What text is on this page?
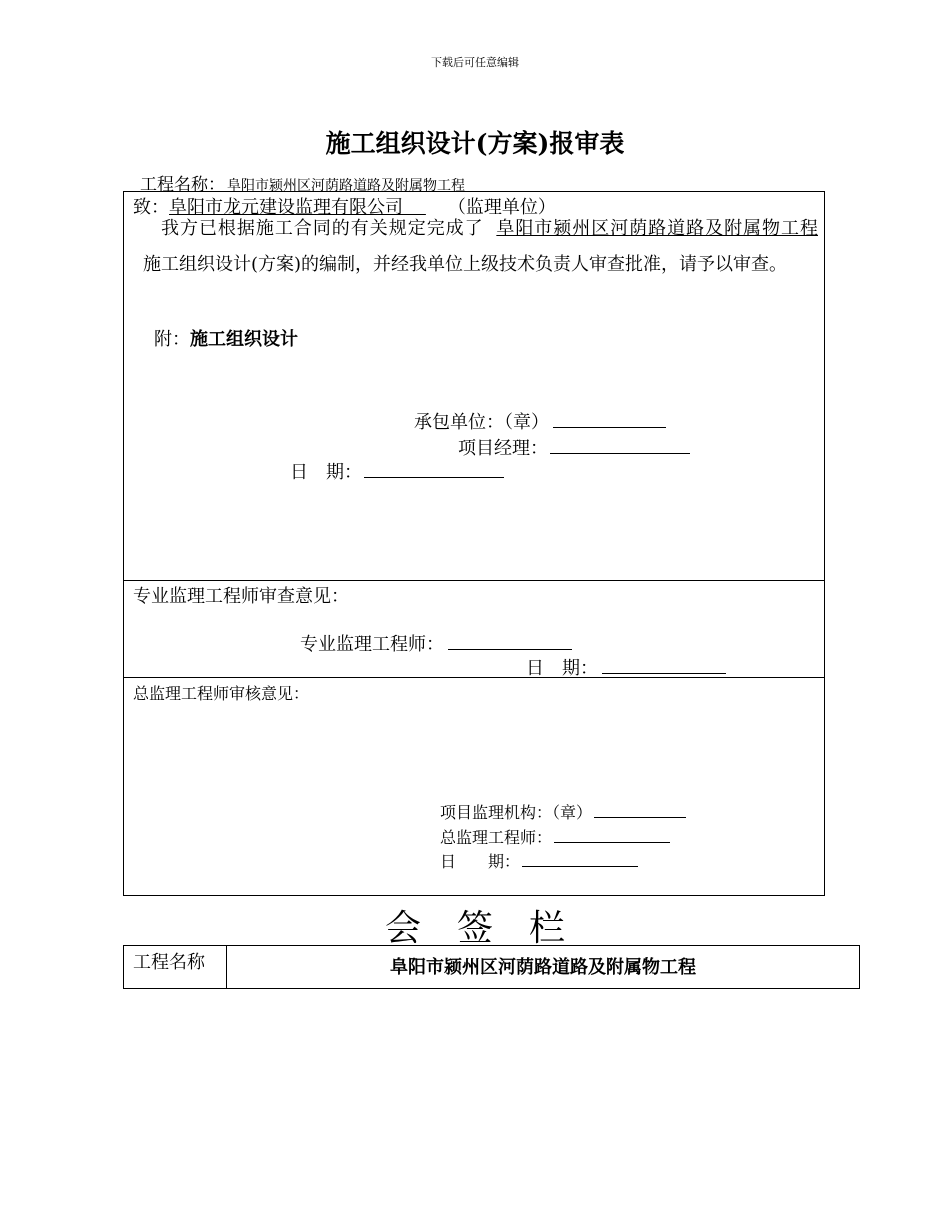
下载后可任意编辑
施工组织设计(方案)报审表
工程名称： 阜阳市颍州区河荫路道路及附属物工程
致：阜阳市龙元建设监理有限公司 （监理单位）
我方已根据施工合同的有关规定完成了 阜阳市颍州区河荫路道路及附属物工程 施工组织设计(方案)的编制，并经我单位上级技术负责人审查批准，请予以审查。
附：施工组织设计
承包单位：（章）
项目经理：
日　期：
专业监理工程师审查意见：
专业监理工程师：
日　期：
总监理工程师审核意见：
项目监理机构：（章）
总监理工程师：
日　　期：
会签栏
工程名称	阜阳市颍州区河荫路道路及附属物工程
